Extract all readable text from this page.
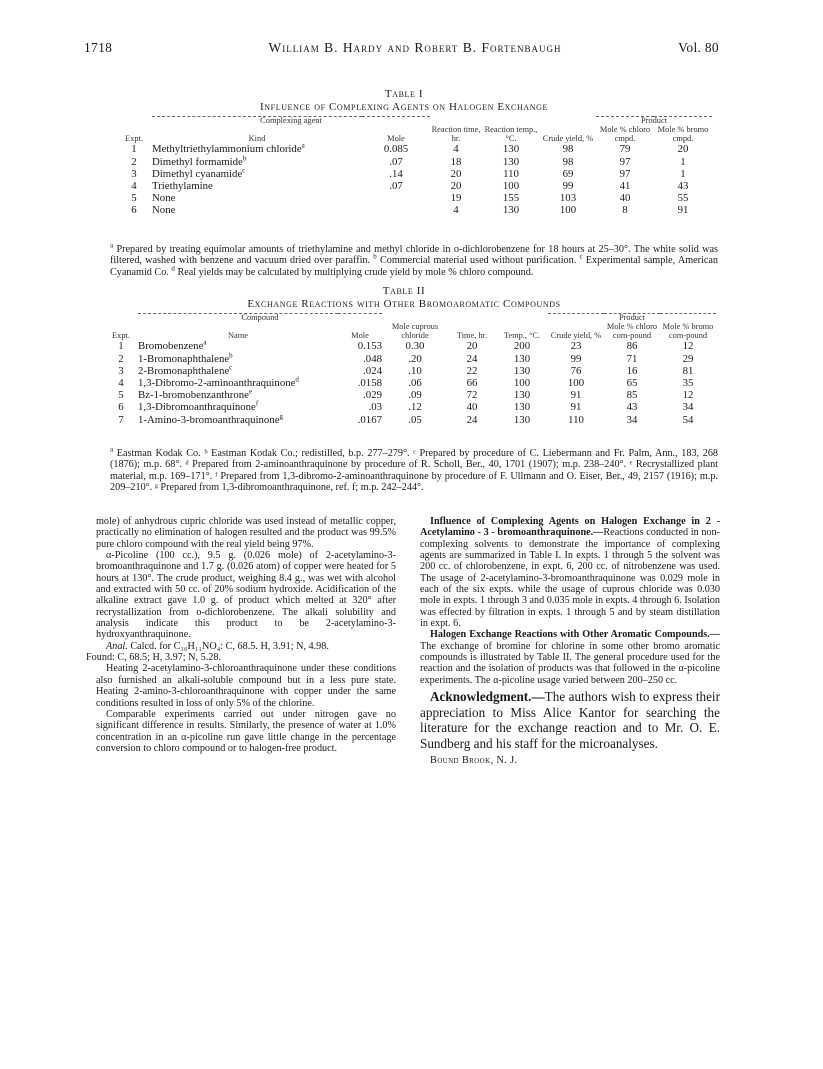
1718	William B. Hardy and Robert B. Fortenbaugh	Vol. 80
Table I
Influence of Complexing Agents on Halogen Exchange
	Complexing agent					Product	
Expt.	Kind	Mole	Reaction time, hr.	Reaction temp., °C.	Crude yield, %	Mole % chloro cmpd.	Mole % bromo cmpd.
1	Methyltriethylammonium chloride$^a$	0.085	4	130	98	79	20
2	Dimethyl formamide$^b$	.07	18	130	98	97	1
3	Dimethyl cyanamide$^c$	.14	20	110	69	97	1
4	Triethylamine	.07	20	100	99	41	43
5	None		19	155	103	40	55
6	None		4	130	100	8	91
$^a$ Prepared by treating equimolar amounts of triethylamine and methyl chloride in o-dichlorobenzene for 18 hours at 25–30°. The white solid was filtered, washed with benzene and vacuum dried over paraffin. $^b$ Commercial material used without purification. $^c$ Experimental sample, American Cyanamid Co. $^d$ Real yields may be calculated by multiplying crude yield by mole % chloro compound.
Table II
Exchange Reactions with Other Bromoaromatic Compounds
	Compound					Product		
Expt.	Name	Mole	Mole cuprous chloride	Time, hr.	Temp., °C.	Crude yield, %	Mole % chloro com-pound	Mole % bromo com-pound
1	Bromobenzene$^a$	0.153	0.30	20	200	23	86	12
2	1-Bromonaphthalene$^b$	.048	.20	24	130	99	71	29
3	2-Bromonaphthalene$^c$	.024	.10	22	130	76	16	81
4	1,3-Dibromo-2-aminoanthraquinone$^d$	.0158	.06	66	100	100	65	35
5	Bz-1-bromobenzanthrone$^e$	.029	.09	72	130	91	85	12
6	1,3-Dibromoanthraquinone$^f$	.03	.12	40	130	91	43	34
7	1-Amino-3-bromoanthraquinone$^g$	.0167	.05	24	130	110	34	54
$^a$ Eastman Kodak Co. ᵇ Eastman Kodak Co.; redistilled, b.p. 277–279°. ᶜ Prepared by procedure of C. Liebermann and Fr. Palm, Ann., 183, 268 (1876); m.p. 68°. ᵈ Prepared from 2-aminoanthraquinone by procedure of R. Scholl, Ber., 40, 1701 (1907); m.p. 238–240°. ᵉ Recrystallized plant material, m.p. 169–171°. ᶠ Prepared from 1,3-dibromo-2-aminoanthraquinone by procedure of F. Ullmann and O. Eiser, Ber., 49, 2157 (1916); m.p. 209–210°. ᵍ Prepared from 1,3-dibromoanthraquinone, ref. f; m.p. 242–244°.

mole) of anhydrous cupric chloride was used instead of metallic copper, practically no elimination of halogen resulted and the product was 99.5% pure chloro compound with the real yield being 97%.

α-Picoline (100 cc.), 9.5 g. (0.026 mole) of 2-acetylamino-3-bromoanthraquinone and 1.7 g. (0.026 atom) of copper were heated for 5 hours at 130°. The crude product, weighing 8.4 g., was wet with alcohol and extracted with 50 cc. of 20% sodium hydroxide. Acidification of the alkaline extract gave 1.0 g. of product which melted at 320° after recrystallization from o-dichlorobenzene. The alkali solubility and analysis indicate this product to be 2-acetylamino-3-hydroxyanthraquinone.

Anal. Calcd. for C₁₆H₁₁NO₄: C, 68.5. H, 3.91; N, 4.98.
Found: C, 68.5; H, 3.97; N, 5.28.

Heating 2-acetylamino-3-chloroanthraquinone under these conditions also furnished an alkali-soluble compound but in a less pure state. Heating 2-amino-3-chloroanthraquinone with copper under the same conditions resulted in loss of only 5% of the chlorine.

Comparable experiments carried out under nitrogen gave no significant difference in results. Similarly, the presence of water at 1.0% concentration in an α-picoline run gave little change in the percentage conversion to chloro compound or to halogen-free product.

Influence of Complexing Agents on Halogen Exchange in 2 - Acetylamino - 3 - bromoanthraquinone.—Reactions conducted in non-complexing solvents to demonstrate the importance of complexing agents are summarized in Table I. In expts. 1 through 5 the solvent was 200 cc. of chlorobenzene, in expt. 6, 200 cc. of nitrobenzene was used. The usage of 2-acetylamino-3-bromoanthraquinone was 0.029 mole in each of the six expts. while the usage of cuprous chloride was 0.030 mole in expts. 1 through 3 and 0.035 mole in expts. 4 through 6. Isolation was effected by filtration in expts. 1 through 5 and by steam distillation in expt. 6.

Halogen Exchange Reactions with Other Aromatic Compounds.—The exchange of bromine for chlorine in some other bromo aromatic compounds is illustrated by Table II. The general procedure used for the reaction and the isolation of products was that followed in the α-picoline experiments. The α-picoline usage varied between 200–250 cc.

Acknowledgment.—The authors wish to express their appreciation to Miss Alice Kantor for searching the literature for the exchange reaction and to Mr. O. E. Sundberg and his staff for the microanalyses.

Bound Brook, N. J.
